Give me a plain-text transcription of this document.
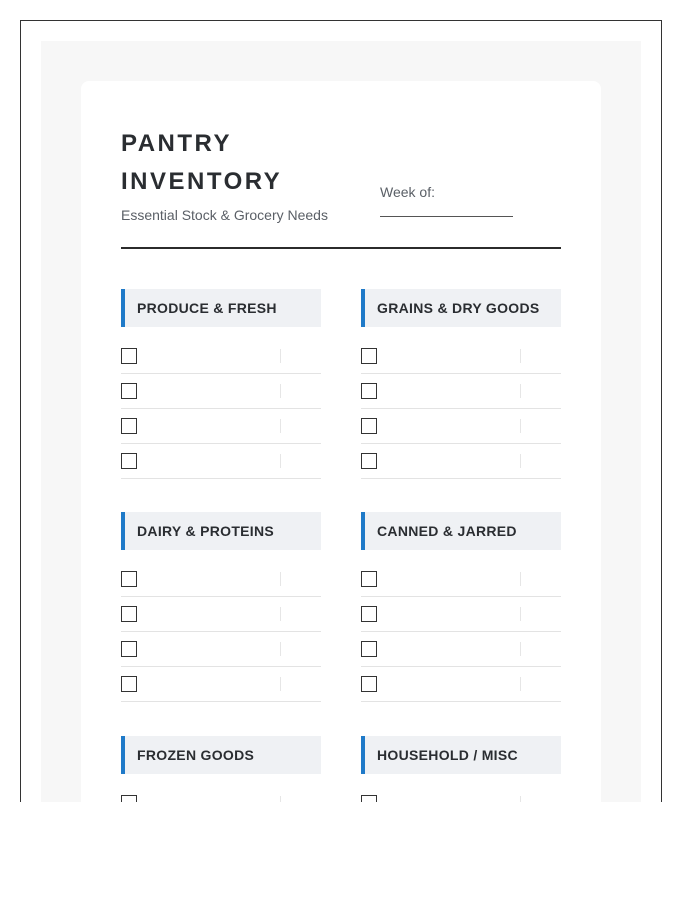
PANTRY INVENTORY
Essential Stock & Grocery Needs
Week of:
PRODUCE & FRESH	GRAINS & DRY GOODS
DAIRY & PROTEINS	CANNED & JARRED
FROZEN GOODS	HOUSEHOLD / MISC
